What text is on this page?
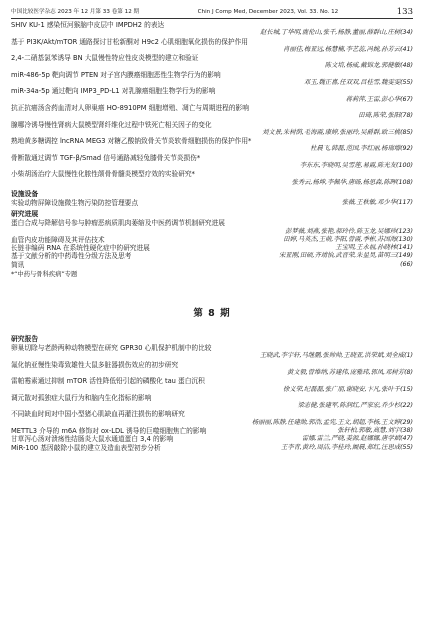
中国比较医学杂志 2023 年 12 月第 33 卷第 12 期	Chin J Comp Med, December 2023, Vol. 33. No. 12	133
SHIV KU-1 感染恒河猴脑中皮层中 IMPDH2 的表达
赵长城,丁华明,鹿伦山,张千,杨静,董丽,薛群山,庄树(34)
基于 PI3K/Akt/mTOR 通路探讨甘松新酮对 H9c2 心肌细胞氧化损伤的保护作用
肖丽佳,梅亚远,杨慧楠,李艺蕊,冯婉,孙芳云(41)
2,4-二硝基氯苯诱导 BN 大鼠慢性特应性皮炎模型的建立和验证
陈文培,杨威,戴锦龙,郭健敏(48)
miR-486-5p 靶向调节 PTEN 对子宫内膜癌细胞恶性生物学行为的影响
邓玉,魏正喜,任双双,吕桂雪,魏雯雯(55)
miR-34a-5p 通过靶向 IMP3_PD-L1 对乳腺癌细胞生物学行为的影响
蒋莉萍,王雷,彭心华(67)
抗正抗癌汤含药血清对人卵巢癌 HO-8910PM 细胞增殖、凋亡与周期进程的影响
田琦,陈荣,张阳(78)
腺哪冷诱导慢性肾病大鼠模型肾纤维化过程中铁死亡相关因子的变化
刘文景,朱树荫,毛海霞,康婷,张丽玲,吴爵群,欧三桃(85)
熟地黄多糖调控 lncRNA MEG3 对糖乙酸钠致骨关节炎软骨细胞损伤的保护作用*
杜晨飞,韩磊,范国,李红丽,杨瑞增(92)
骨断散通过调节 TGF-β/Smad 信号通路减轻兔膝骨关节炎损伤*
李东东,李晓明,吴雪莲,易霞,陈光友(100)
小柴胡汤治疗大鼠慢性化脓性颌骨骨髓炎模型疗效的实验研究*
张秀云,杨坤,李佩华,唐旸,杨思森,陈晖(108)
设施设备
实验动物屏障设施微生物污染防控管理要点	张薇,王秋敏,邓少华(117)
研究进展
蛋白合成与降解信号参与肿瘤恶病质肌肉萎缩及中医药调节机制研究进展
彭梦薇,刘燕,张艳,郝玲伶,陈玉龙,吴娜珍(123)
血管内皮功能障碍及其评估技术	田婷,马英杰,王萌,李阳,曾霞,季彬,苏国海(130)
长链非编码 RNA 在系统性硬化症中的研究进展	王宝明,王永福,孙晓林(141)
基于文献分析的中药毒性分级方法及思考	宋亚刚,田硕,齐靖怡,武晋荣,朱星昊,苗明三(149)
简讯	(66)
*“中药与骨科疾病”专题
第 8 期
研究报告
卵巢切除与老龄两种动物模型在研究 GPR30 心肌保护机制中的比较
王晓武,李宇轩,马继鹏,张帅帅,王晓亚,洪荣斌,刘全威(1)
氟化钠亚慢性染毒致雄性大鼠多脏器损伤效应的初步研究
黄文毅,曾维纳,苏建伟,庞雅玮,郭凤,邓树芳(8)
雷帕霉素通过抑制 mTOR 活性降低铅引起的磷酸化 tau 蛋白沉积
徐义荣,纪磊磊,张广朋,谢晓安,卞凡,张叶千(15)
调元散对孤独症大鼠行为和脑内生化指标的影响
梁志健,张建军,陈润红,严家宏,乔少杉(22)
不同缺血时间对中国小型猪心肌缺血再灌注损伤的影响研究
杨丽丽,陈静,任建勋,郭浩,孟宪,王文,胡超,李杨,王文婷(29)
METTL3 介导的 m6A 修饰对 ox-LDL 诱导的巨噬细胞焦亡的影响	张轩柏,郭敏,高慧,刘宇(38)
甘草泻心汤对溃疡性结肠炎大鼠水通道蛋白 3,4 的影响	雷娜,雷兰,严晓,姜源,赵娜娜,唐学斌(47)
MiR-100 基因敲除小鼠的建立及造血表型初步分析	王李青,黄玲,周洁,李桂玲,阚晨,郑红,汪思成(55)
